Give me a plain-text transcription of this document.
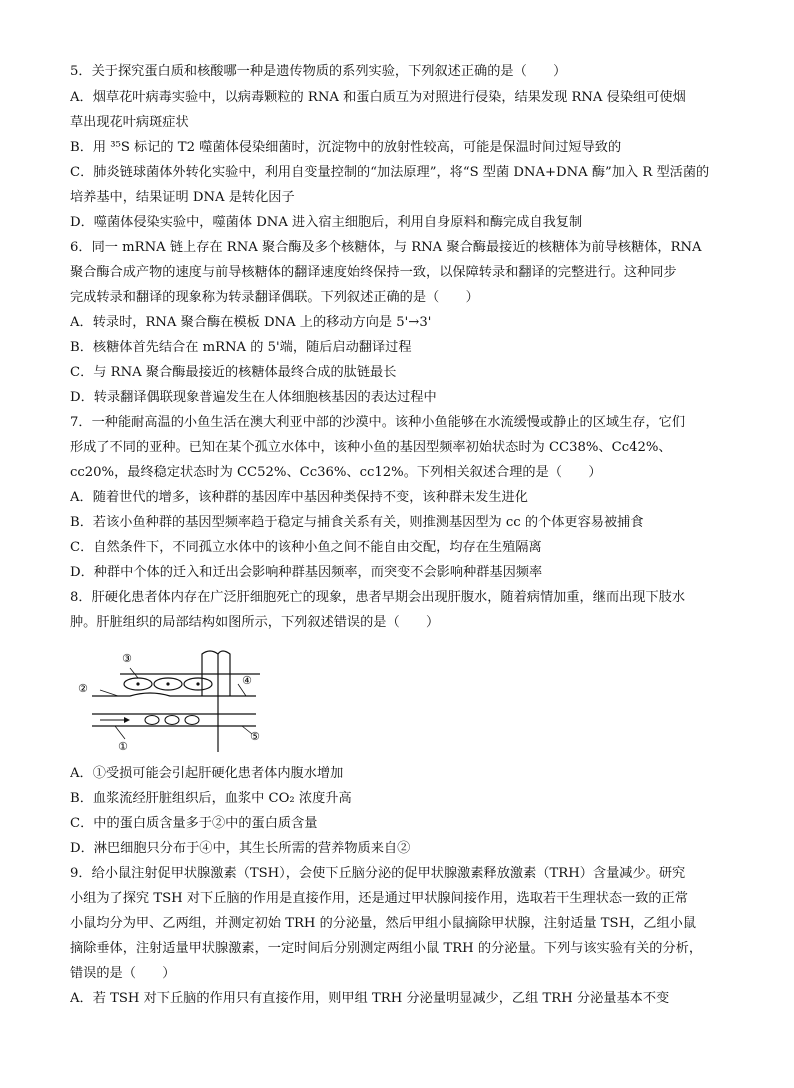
5．关于探究蛋白质和核酸哪一种是遗传物质的系列实验，下列叙述正确的是（　　）
A．烟草花叶病毒实验中，以病毒颗粒的 RNA 和蛋白质互为对照进行侵染，结果发现 RNA 侵染组可使烟
草出现花叶病斑症状
B．用 ³⁵S 标记的 T2 噬菌体侵染细菌时，沉淀物中的放射性较高，可能是保温时间过短导致的
C．肺炎链球菌体外转化实验中，利用自变量控制的“加法原理”，将“S 型菌 DNA+DNA 酶”加入 R 型活菌的
培养基中，结果证明 DNA 是转化因子
D．噬菌体侵染实验中，噬菌体 DNA 进入宿主细胞后，利用自身原料和酶完成自我复制
6．同一 mRNA 链上存在 RNA 聚合酶及多个核糖体，与 RNA 聚合酶最接近的核糖体为前导核糖体，RNA
聚合酶合成产物的速度与前导核糖体的翻译速度始终保持一致，以保障转录和翻译的完整进行。这种同步
完成转录和翻译的现象称为转录翻译偶联。下列叙述正确的是（　　）
A．转录时，RNA 聚合酶在模板 DNA 上的移动方向是 5'→3'
B．核糖体首先结合在 mRNA 的 5'端，随后启动翻译过程
C．与 RNA 聚合酶最接近的核糖体最终合成的肽链最长
D．转录翻译偶联现象普遍发生在人体细胞核基因的表达过程中
7．一种能耐高温的小鱼生活在澳大利亚中部的沙漠中。该种小鱼能够在水流缓慢或静止的区域生存，它们
形成了不同的亚种。已知在某个孤立水体中，该种小鱼的基因型频率初始状态时为 CC38%、Cc42%、
cc20%，最终稳定状态时为 CC52%、Cc36%、cc12%。下列相关叙述合理的是（　　）
A．随着世代的增多，该种群的基因库中基因种类保持不变，该种群未发生进化
B．若该小鱼种群的基因型频率趋于稳定与捕食关系有关，则推测基因型为 cc 的个体更容易被捕食
C．自然条件下，不同孤立水体中的该种小鱼之间不能自由交配，均存在生殖隔离
D．种群中个体的迁入和迁出会影响种群基因频率，而突变不会影响种群基因频率
8．肝硬化患者体内存在广泛肝细胞死亡的现象，患者早期会出现肝腹水，随着病情加重，继而出现下肢水
肿。肝脏组织的局部结构如图所示，下列叙述错误的是（　　）
③
②
④
①
⑤
A．①受损可能会引起肝硬化患者体内腹水增加
B．血浆流经肝脏组织后，血浆中 CO₂ 浓度升高
C．中的蛋白质含量多于②中的蛋白质含量
D．淋巴细胞只分布于④中，其生长所需的营养物质来自②
9．给小鼠注射促甲状腺激素（TSH），会使下丘脑分泌的促甲状腺激素释放激素（TRH）含量减少。研究
小组为了探究 TSH 对下丘脑的作用是直接作用，还是通过甲状腺间接作用，选取若干生理状态一致的正常
小鼠均分为甲、乙两组，并测定初始 TRH 的分泌量，然后甲组小鼠摘除甲状腺，注射适量 TSH，乙组小鼠
摘除垂体，注射适量甲状腺激素，一定时间后分别测定两组小鼠 TRH 的分泌量。下列与该实验有关的分析，
错误的是（　　）
A．若 TSH 对下丘脑的作用只有直接作用，则甲组 TRH 分泌量明显减少，乙组 TRH 分泌量基本不变
